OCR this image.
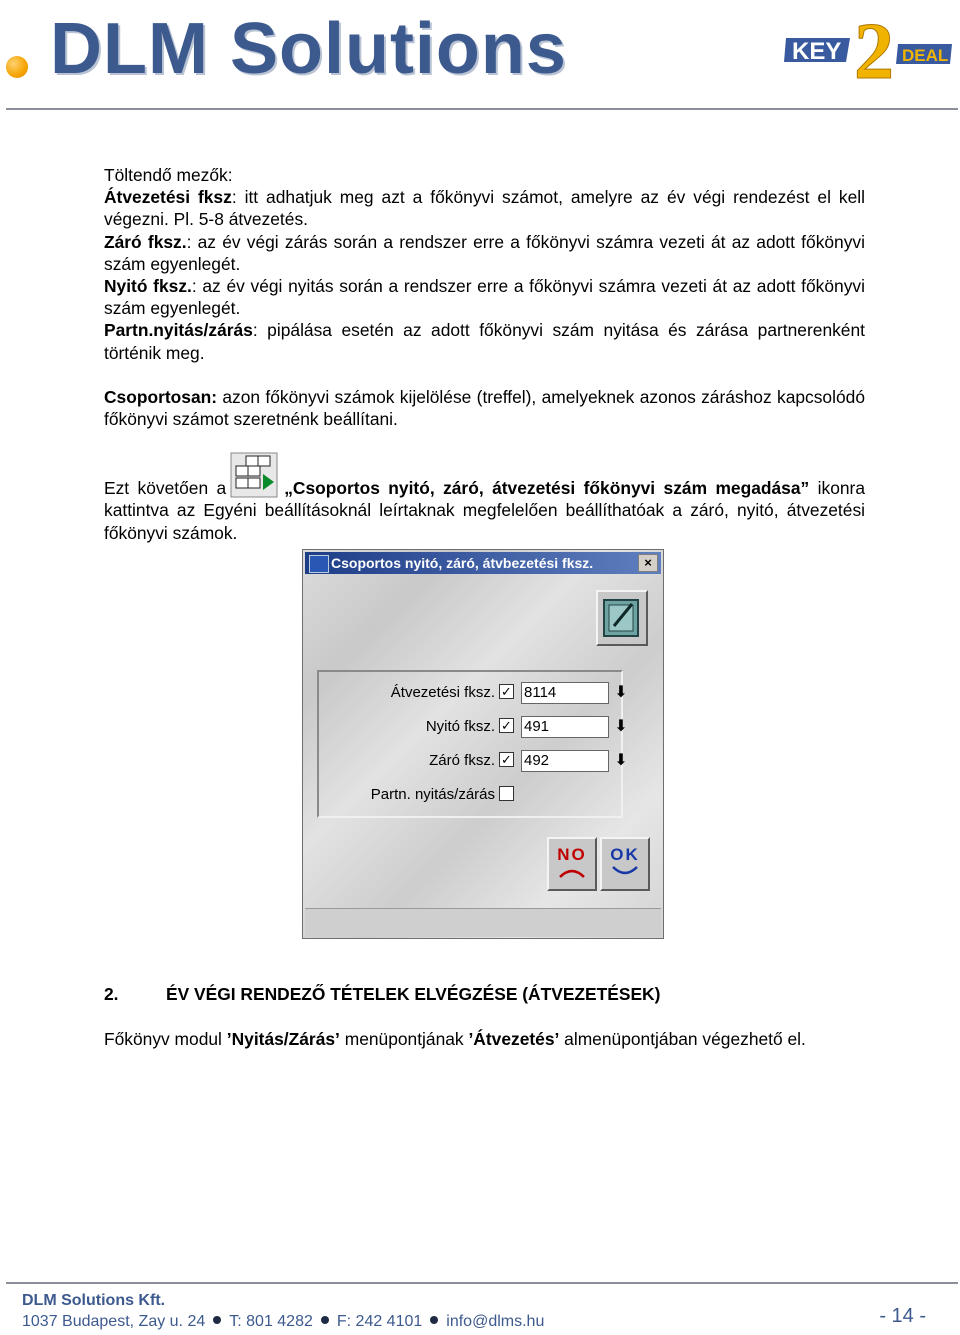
DLM Solutions	KEY 2 DEAL

Töltendő mezők:

Átvezetési fksz: itt adhatjuk meg azt a főkönyvi számot, amelyre az év végi rendezést el kell végezni. Pl. 5-8 átvezetés.

Záró fksz.: az év végi zárás során a rendszer erre a főkönyvi számra vezeti át az adott főkönyvi szám egyenlegét.

Nyitó fksz.: az év végi nyitás során a rendszer erre a főkönyvi számra vezeti át az adott főkönyvi szám egyenlegét.

Partn.nyitás/zárás: pipálása esetén az adott főkönyvi szám nyitása és zárása partnerenként történik meg.

Csoportosan: azon főkönyvi számok kijelölése (treffel), amelyeknek azonos záráshoz kapcsolódó főkönyvi számot szeretnénk beállítani.

Ezt követően a	„Csoportos nyitó, záró, átvezetési főkönyvi szám megadása” ikonra kattintva az Egyéni beállításoknál leírtaknak megfelelően beállíthatóak a záró, nyitó, átvezetési főkönyvi számok.

Csoportos nyitó, záró, átvbezetési fksz.	×
Átvezetési fksz. ✓ 8114	⬇
Nyitó fksz. ✓ 491	⬇
Záró fksz. ✓ 492	⬇
Partn. nyitás/zárás
NO	OK
2.	ÉV VÉGI RENDEZŐ TÉTELEK ELVÉGZÉSE (ÁTVEZETÉSEK)

Főkönyv modul ’Nyitás/Zárás’ menüpontjának ’Átvezetés’ almenüpontjában végezhető el.

DLM Solutions Kft.
1037 Budapest, Zay u. 24 T: 801 4282 F: 242 4101 info@dlms.hu	- 14 -
